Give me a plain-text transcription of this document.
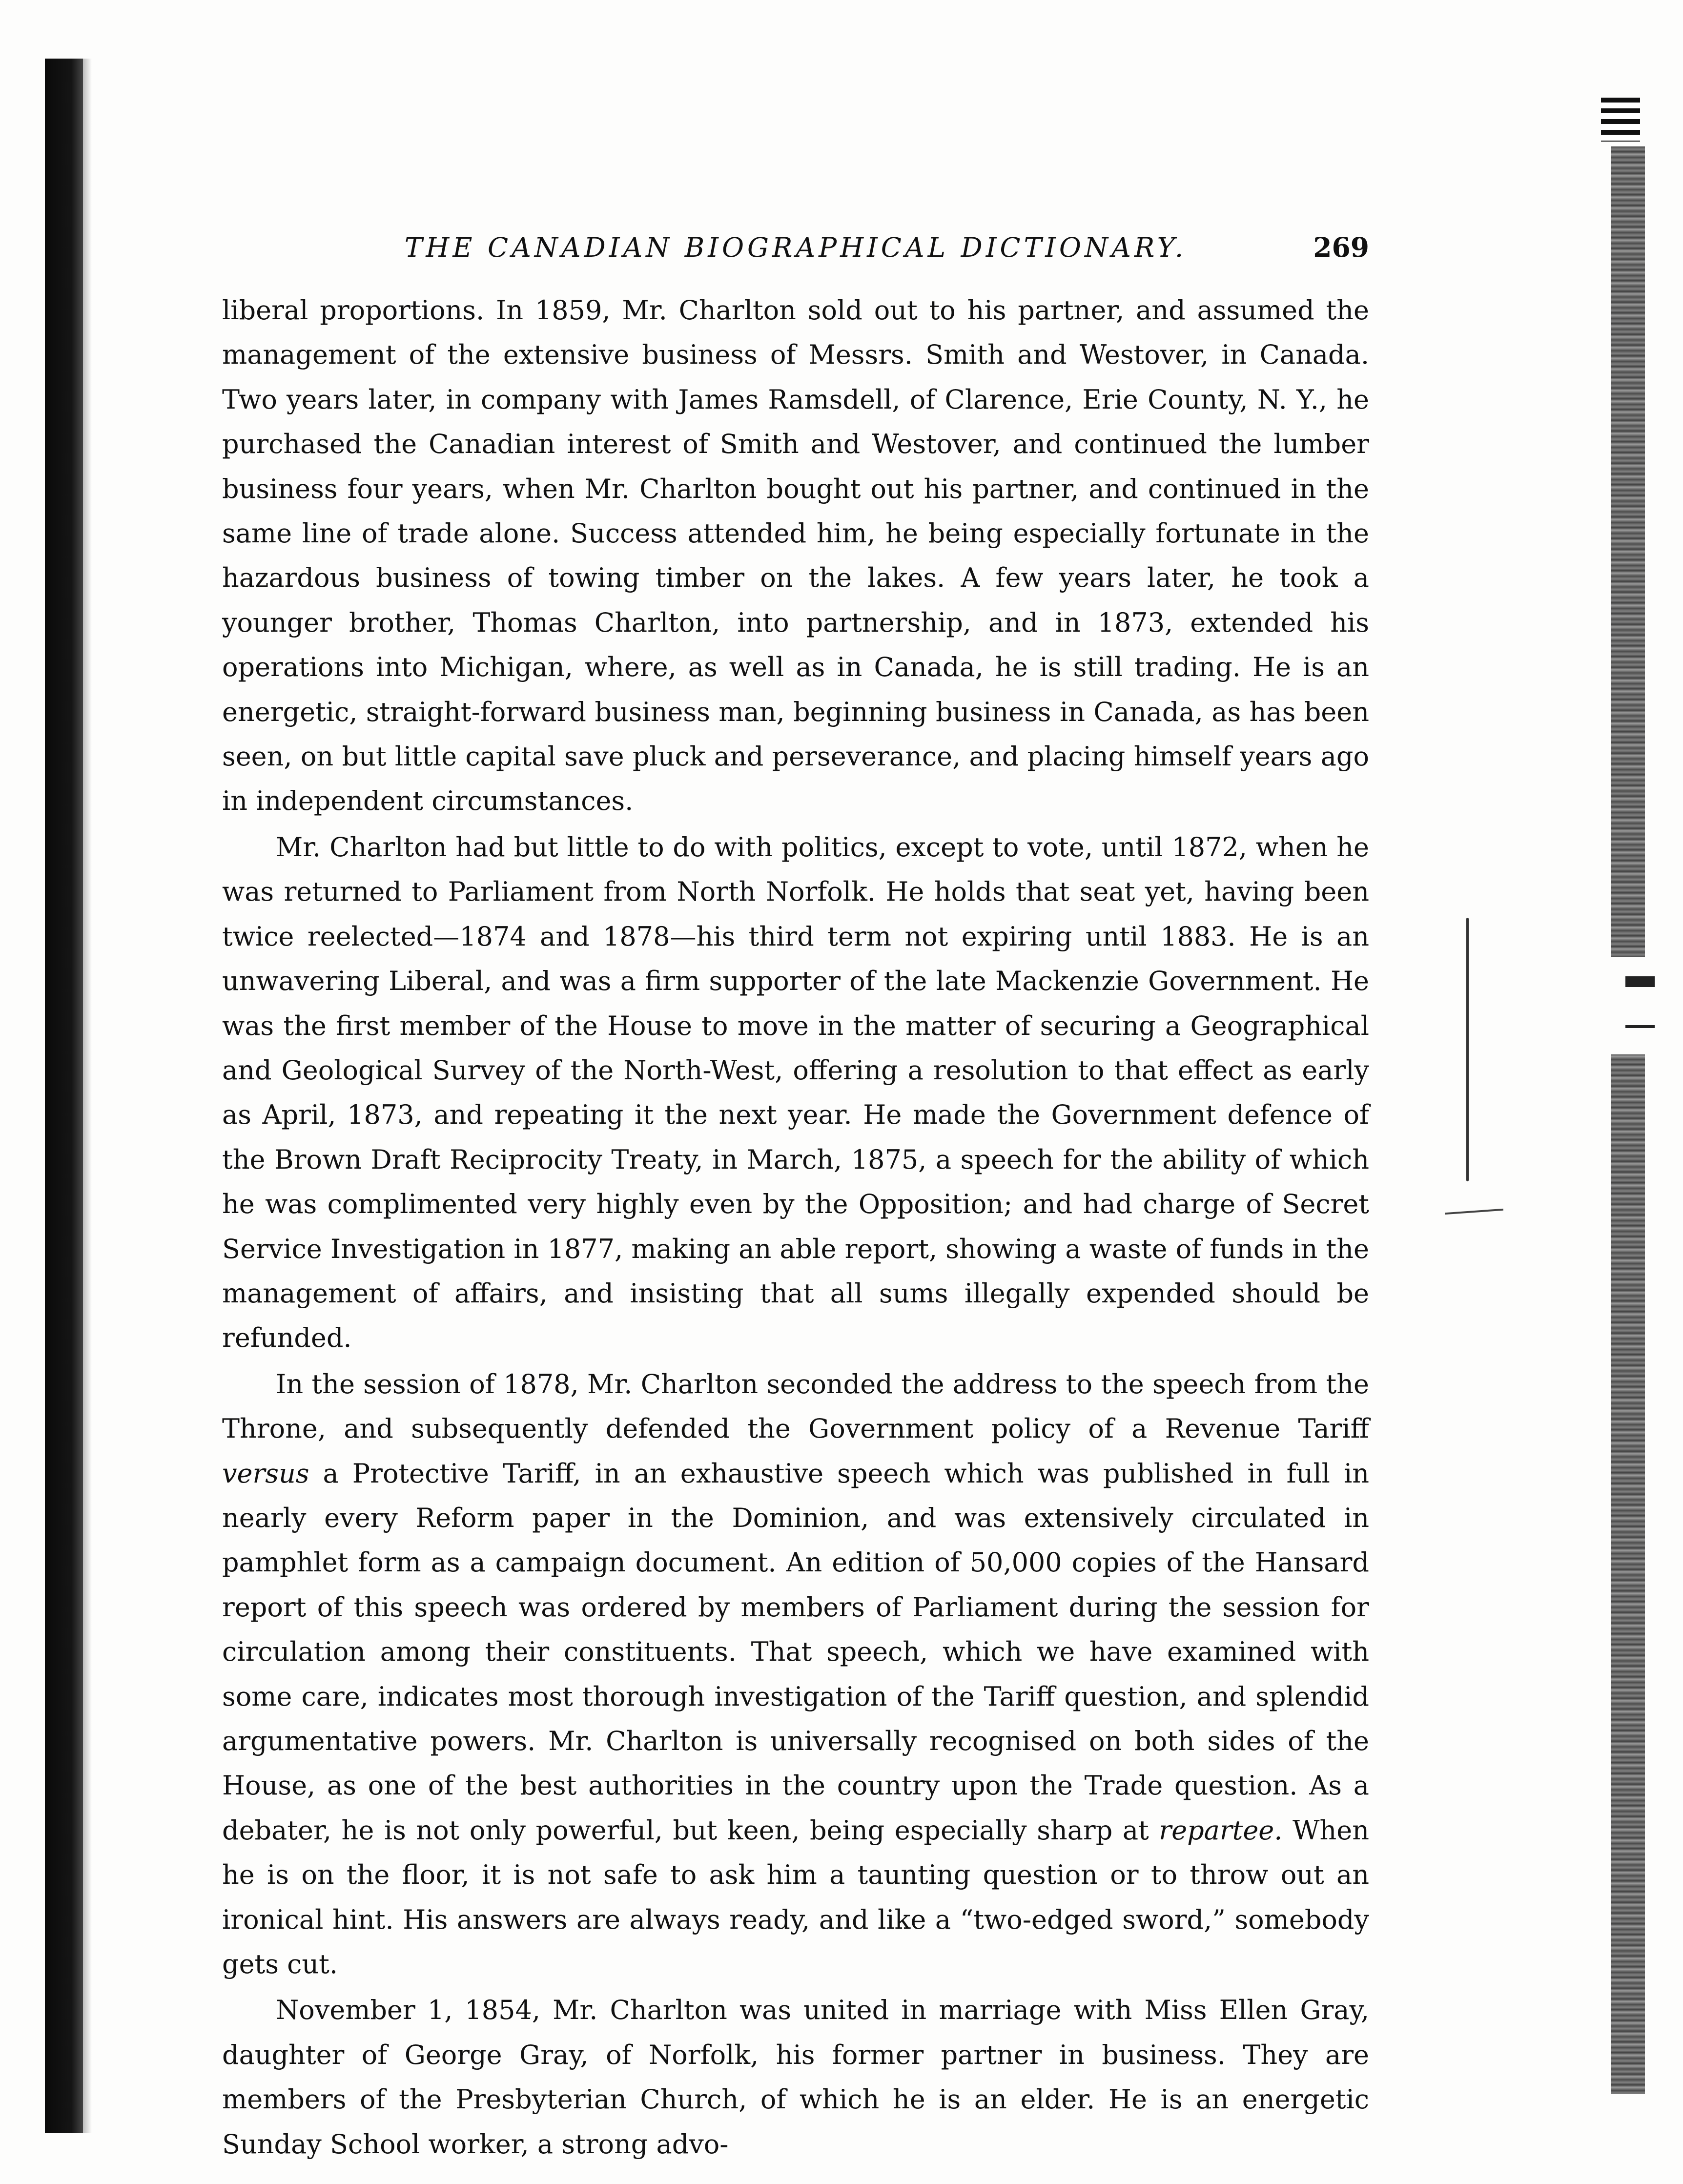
THE CANADIAN BIOGRAPHICAL DICTIONARY.	269

liberal proportions. In 1859, Mr. Charlton sold out to his partner, and assumed the management of the extensive business of Messrs. Smith and Westover, in Canada. Two years later, in company with James Ramsdell, of Clarence, Erie County, N. Y., he purchased the Canadian interest of Smith and Westover, and continued the lumber business four years, when Mr. Charlton bought out his partner, and continued in the same line of trade alone. Success attended him, he being especially fortunate in the hazardous business of towing timber on the lakes. A few years later, he took a younger brother, Thomas Charlton, into partnership, and in 1873, extended his operations into Michigan, where, as well as in Canada, he is still trading. He is an energetic, straight-forward business man, beginning business in Canada, as has been seen, on but little capital save pluck and perseverance, and placing himself years ago in independent circumstances.

Mr. Charlton had but little to do with politics, except to vote, until 1872, when he was returned to Parliament from North Norfolk. He holds that seat yet, having been twice reelected—1874 and 1878—his third term not expiring until 1883. He is an unwavering Liberal, and was a firm supporter of the late Mackenzie Government. He was the first member of the House to move in the matter of securing a Geographical and Geological Survey of the North-West, offering a resolution to that effect as early as April, 1873, and repeating it the next year. He made the Government defence of the Brown Draft Reciprocity Treaty, in March, 1875, a speech for the ability of which he was complimented very highly even by the Opposition; and had charge of Secret Service Investigation in 1877, making an able report, showing a waste of funds in the management of affairs, and insisting that all sums illegally expended should be refunded.

In the session of 1878, Mr. Charlton seconded the address to the speech from the Throne, and subsequently defended the Government policy of a Revenue Tariff versus a Protective Tariff, in an exhaustive speech which was published in full in nearly every Reform paper in the Dominion, and was extensively circulated in pamphlet form as a campaign document. An edition of 50,000 copies of the Hansard report of this speech was ordered by members of Parliament during the session for circulation among their constituents. That speech, which we have examined with some care, indicates most thorough investigation of the Tariff question, and splendid argumentative powers. Mr. Charlton is universally recognised on both sides of the House, as one of the best authorities in the country upon the Trade question. As a debater, he is not only powerful, but keen, being especially sharp at repartee. When he is on the floor, it is not safe to ask him a taunting question or to throw out an ironical hint. His answers are always ready, and like a “two-edged sword,” somebody gets cut.

November 1, 1854, Mr. Charlton was united in marriage with Miss Ellen Gray, daughter of George Gray, of Norfolk, his former partner in business. They are members of the Presbyterian Church, of which he is an elder. He is an energetic Sunday School worker, a strong advo-
